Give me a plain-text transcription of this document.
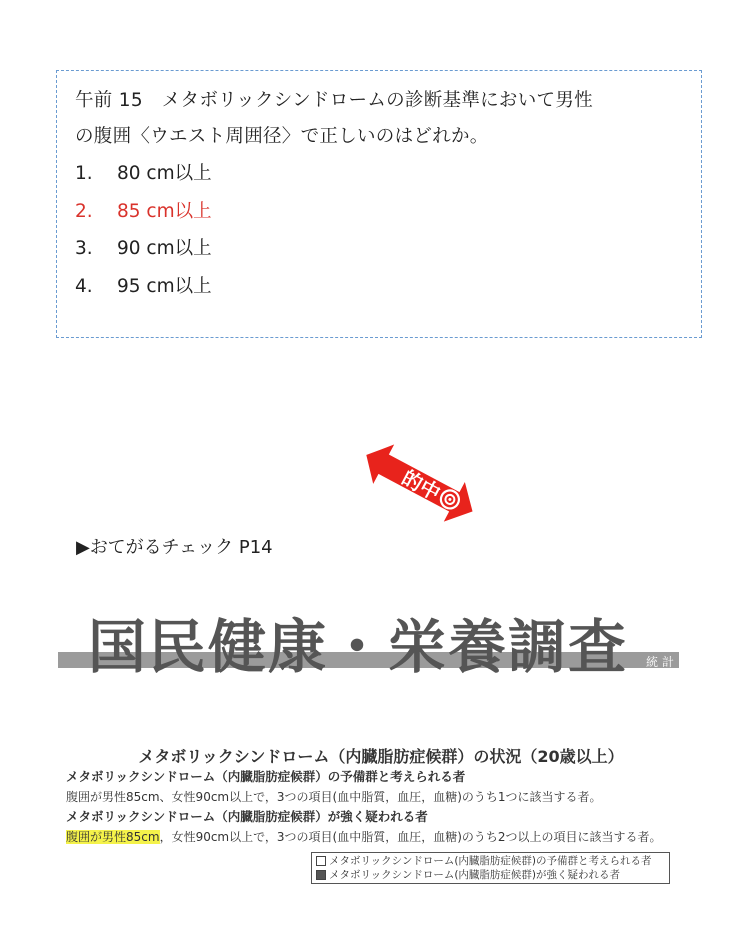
午前 15　メタボリックシンドロームの診断基準において男性
の腹囲〈ウエスト周囲径〉で正しいのはどれか。
1. 80 cm以上
2. 85 cm以上
3. 90 cm以上
4. 95 cm以上
的中
▶おてがるチェック P14
国民健康・栄養調査 統計
メタボリックシンドローム（内臓脂肪症候群）の状況（20歳以上）
メタボリックシンドローム（内臓脂肪症候群）の予備群と考えられる者
腹囲が男性85cm、女性90cm以上で，3つの項目(血中脂質，血圧，血糖)のうち1つに該当する者。
メタボリックシンドローム（内臓脂肪症候群）が強く疑われる者
腹囲が男性85cm，女性90cm以上で，3つの項目(血中脂質，血圧，血糖)のうち2つ以上の項目に該当する者。
メタボリックシンドローム(内臓脂肪症候群)の予備群と考えられる者
メタボリックシンドローム(内臓脂肪症候群)が強く疑われる者
